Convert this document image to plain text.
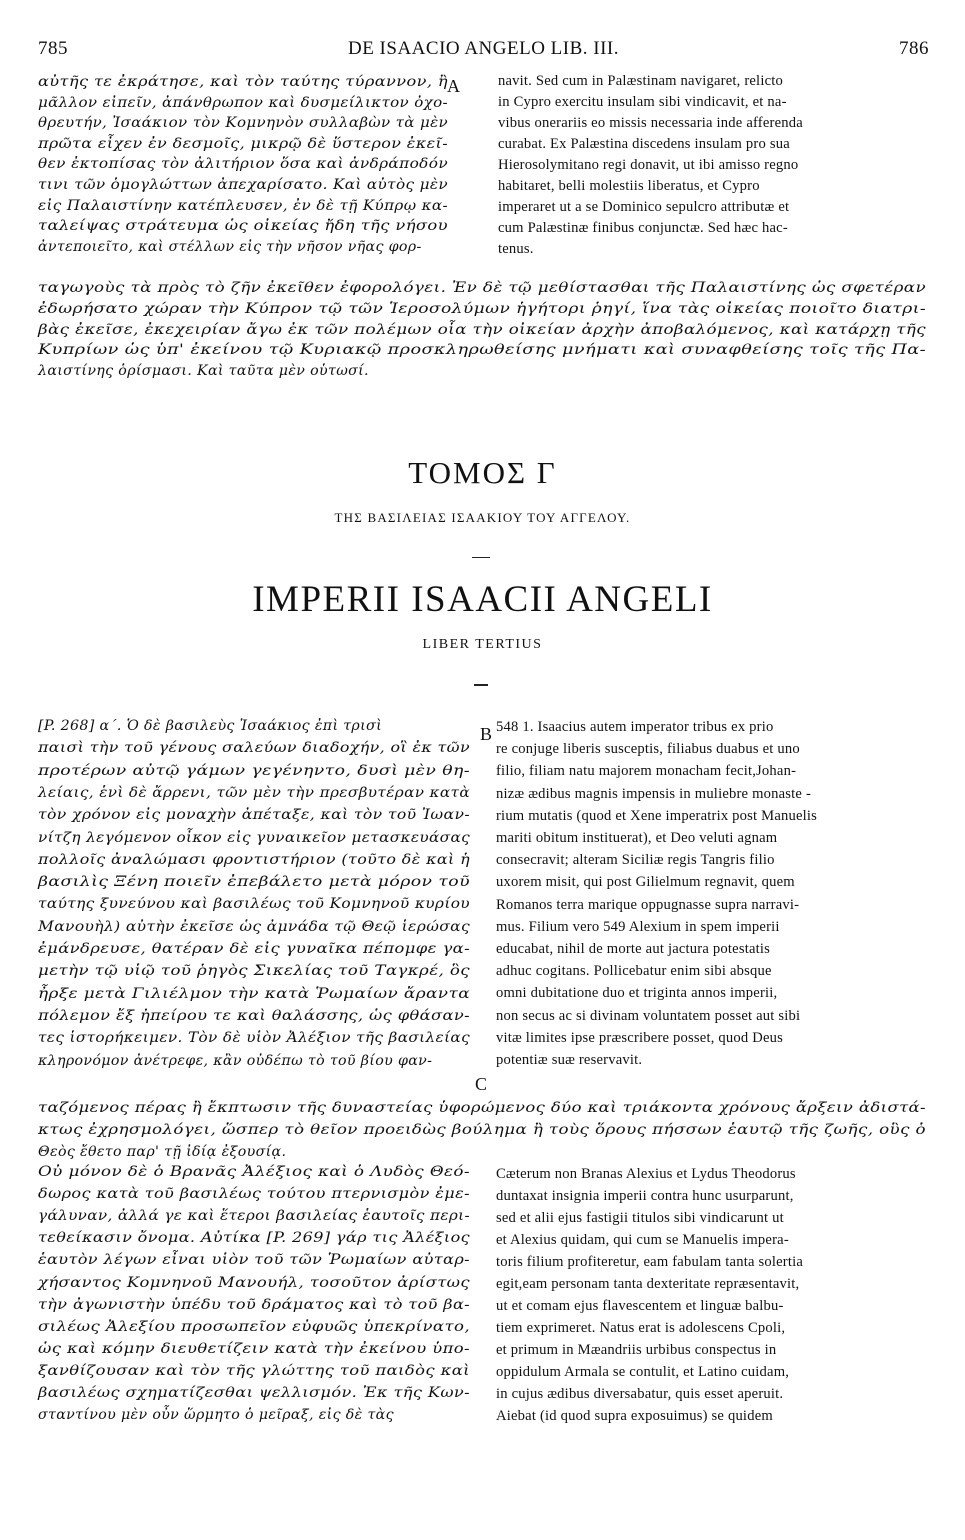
785	DE ISAACIO ANGELO LIB. III.	786
αὐτῆς τε ἐκράτησε, καὶ τὸν ταύτης τύραννον, ἢ
μᾶλλον εἰπεῖν, ἀπάνθρωπον καὶ δυσμείλικτον ὀχο-
θρευτήν, Ἰσαάκιον τὸν Κομνηνὸν συλλαβὼν τὰ μὲν
πρῶτα εἶχεν ἐν δεσμοῖς, μικρῷ δὲ ὕστερον ἐκεῖ-
θεν ἐκτοπίσας τὸν ἀλιτήριον ὅσα καὶ ἀνδράποδόν
τινι τῶν ὁμογλώττων ἀπεχαρίσατο. Καὶ αὐτὸς μὲν
εἰς Παλαιστίνην κατέπλευσεν, ἐν δὲ τῇ Κύπρῳ κα-
ταλείψας στράτευμα ὡς οἰκείας ἤδη τῆς νήσου
ἀντεποιεῖτο, καὶ στέλλων εἰς τὴν νῆσον νῆας φορ-
navit. Sed cum in Palæstinam navigaret, relicto
in Cypro exercitu insulam sibi vindicavit, et na-
vibus onerariis eo missis necessaria inde afferenda
curabat. Ex Palæstina discedens insulam pro sua
Hierosolymitano regi donavit, ut ibi amisso regno
habitaret, belli molestiis liberatus, et Cypro
imperaret ut a se Dominico sepulcro attributæ et
cum Palæstinæ finibus conjunctæ. Sed hæc hac-
tenus.
ταγωγοὺς τὰ πρὸς τὸ ζῆν ἐκεῖθεν ἐφορολόγει. Ἐν δὲ τῷ μεθίστασθαι τῆς Παλαιστίνης ὡς σφετέραν
ἐδωρήσατο χώραν τὴν Κύπρον τῷ τῶν Ἱεροσολύμων ἡγήτορι ῥηγί, ἵνα τὰς οἰκείας ποιοῖτο διατρι-
βὰς ἐκεῖσε, ἐκεχειρίαν ἄγω ἐκ τῶν πολέμων οἷα τὴν οἰκείαν ἀρχὴν ἀποβαλόμενος, καὶ κατάρχῃ τῆς
Κυπρίων ὡς ὑπ' ἐκείνου τῷ Κυριακῷ προσκληρωθείσης μνήματι καὶ συναφθείσης τοῖς τῆς Πα-
λαιστίνης ὁρίσμασι. Καὶ ταῦτα μὲν οὑτωσί.
A
ΤΟΜΟΣ Γ
ΤΗΣ ΒΑΣΙΛΕΙΑΣ ΙΣΑΑΚΙΟΥ ΤΟΥ ΑΓΓΕΛΟΥ.
IMPERII ISAACII ANGELI
LIBER TERTIUS
B
C
[P. 268] α΄. Ὁ δὲ βασιλεὺς Ἰσαάκιος ἐπὶ τρισὶ
παισὶ τὴν τοῦ γένους σαλεύων διαδοχήν, οἳ ἐκ τῶν
προτέρων αὐτῷ γάμων γεγένηντο, δυσὶ μὲν θη-
λείαις, ἑνὶ δὲ ἄρρενι, τῶν μὲν τὴν πρεσβυτέραν κατὰ
τὸν χρόνον εἰς μοναχὴν ἀπέταξε, καὶ τὸν τοῦ Ἰωαν-
νίτζη λεγόμενον οἶκον εἰς γυναικεῖον μετασκευάσας
πολλοῖς ἀναλώμασι φροντιστήριον (τοῦτο δὲ καὶ ἡ
βασιλὶς Ξένη ποιεῖν ἐπεβάλετο μετὰ μόρον τοῦ
ταύτης ξυνεύνου καὶ βασιλέως τοῦ Κομνηνοῦ κυρίου
Μανουὴλ) αὐτὴν ἐκεῖσε ὡς ἀμνάδα τῷ Θεῷ ἱερώσας
ἐμάνδρευσε, θατέραν δὲ εἰς γυναῖκα πέπομφε γα-
μετὴν τῷ υἱῷ τοῦ ῥηγὸς Σικελίας τοῦ Ταγκρέ, ὃς
ἦρξε μετὰ Γιλιέλμον τὴν κατὰ Ῥωμαίων ἄραντα
πόλεμον ἔξ ἠπείρου τε καὶ θαλάσσης, ὡς φθάσαν-
τες ἱστορήκειμεν. Τὸν δὲ υἱὸν Ἀλέξιον τῆς βασιλείας
κληρονόμον ἀνέτρεφε, κἂν οὐδέπω τὸ τοῦ βίου φαν-
548 1. Isaacius autem imperator tribus ex prio
re conjuge liberis susceptis, filiabus duabus et uno
filio, filiam natu majorem monacham fecit,Johan-
nizæ ædibus magnis impensis in muliebre monaste -
rium mutatis (quod et Xene imperatrix post Manuelis
mariti obitum instituerat), et Deo veluti agnam
consecravit; alteram Siciliæ regis Tangris filio
uxorem misit, qui post Gilielmum regnavit, quem
Romanos terra marique oppugnasse supra narravi-
mus. Filium vero 549 Alexium in spem imperii
educabat, nihil de morte aut jactura potestatis
adhuc cogitans. Pollicebatur enim sibi absque
omni dubitatione duo et triginta annos imperii,
non secus ac si divinam voluntatem posset aut sibi
vitæ limites ipse præscribere posset, quod Deus
potentiæ suæ reservavit.
ταζόμενος πέρας ἢ ἔκπτωσιν τῆς δυναστείας ὑφορώμενος δύο καὶ τριάκοντα χρόνους ἄρξειν ἀδιστά-
κτως ἐχρησμολόγει, ὥσπερ τὸ θεῖον προειδὼς βούλημα ἢ τοὺς ὅρους πήσσων ἑαυτῷ τῆς ζωῆς, οὓς ὁ
Θεὸς ἔθετο παρ' τῇ ἰδίᾳ ἐξουσίᾳ.
Οὐ μόνον δὲ ὁ Βρανᾶς Ἀλέξιος καὶ ὁ Λυδὸς Θεό-
δωρος κατὰ τοῦ βασιλέως τούτου πτερνισμὸν ἐμε-
γάλυναν, ἀλλά γε καὶ ἕτεροι βασιλείας ἑαυτοῖς περι-
τεθείκασιν ὄνομα. Αὐτίκα [P. 269] γάρ τις Ἀλέξιος
ἑαυτὸν λέγων εἶναι υἱὸν τοῦ τῶν Ῥωμαίων αὐταρ-
χήσαντος Κομνηνοῦ Μανουήλ, τοσοῦτον ἀρίστως
τὴν ἀγωνιστὴν ὑπέδυ τοῦ δράματος καὶ τὸ τοῦ βα-
σιλέως Ἀλεξίου προσωπεῖον εὐφυῶς ὑπεκρίνατο,
ὡς καὶ κόμην διευθετίζειν κατὰ τὴν ἐκείνου ὑπο-
ξανθίζουσαν καὶ τὸν τῆς γλώττης τοῦ παιδὸς καὶ
βασιλέως σχηματίζεσθαι ψελλισμόν. Ἐκ τῆς Κων-
σταντίνου μὲν οὖν ὥρμητο ὁ μεῖραξ, εἰς δὲ τὰς
Cæterum non Branas Alexius et Lydus Theodorus
duntaxat insignia imperii contra hunc usurparunt,
sed et alii ejus fastigii titulos sibi vindicarunt ut
et Alexius quidam, qui cum se Manuelis impera-
toris filium profiteretur, eam fabulam tanta solertia
egit,eam personam tanta dexteritate repræsentavit,
ut et comam ejus flavescentem et linguæ balbu-
tiem exprimeret. Natus erat is adolescens Cpoli,
et primum in Mæandriis urbibus conspectus in
oppidulum Armala se contulit, et Latino cuidam,
in cujus ædibus diversabatur, quis esset aperuit.
Aiebat (id quod supra exposuimus) se quidem
